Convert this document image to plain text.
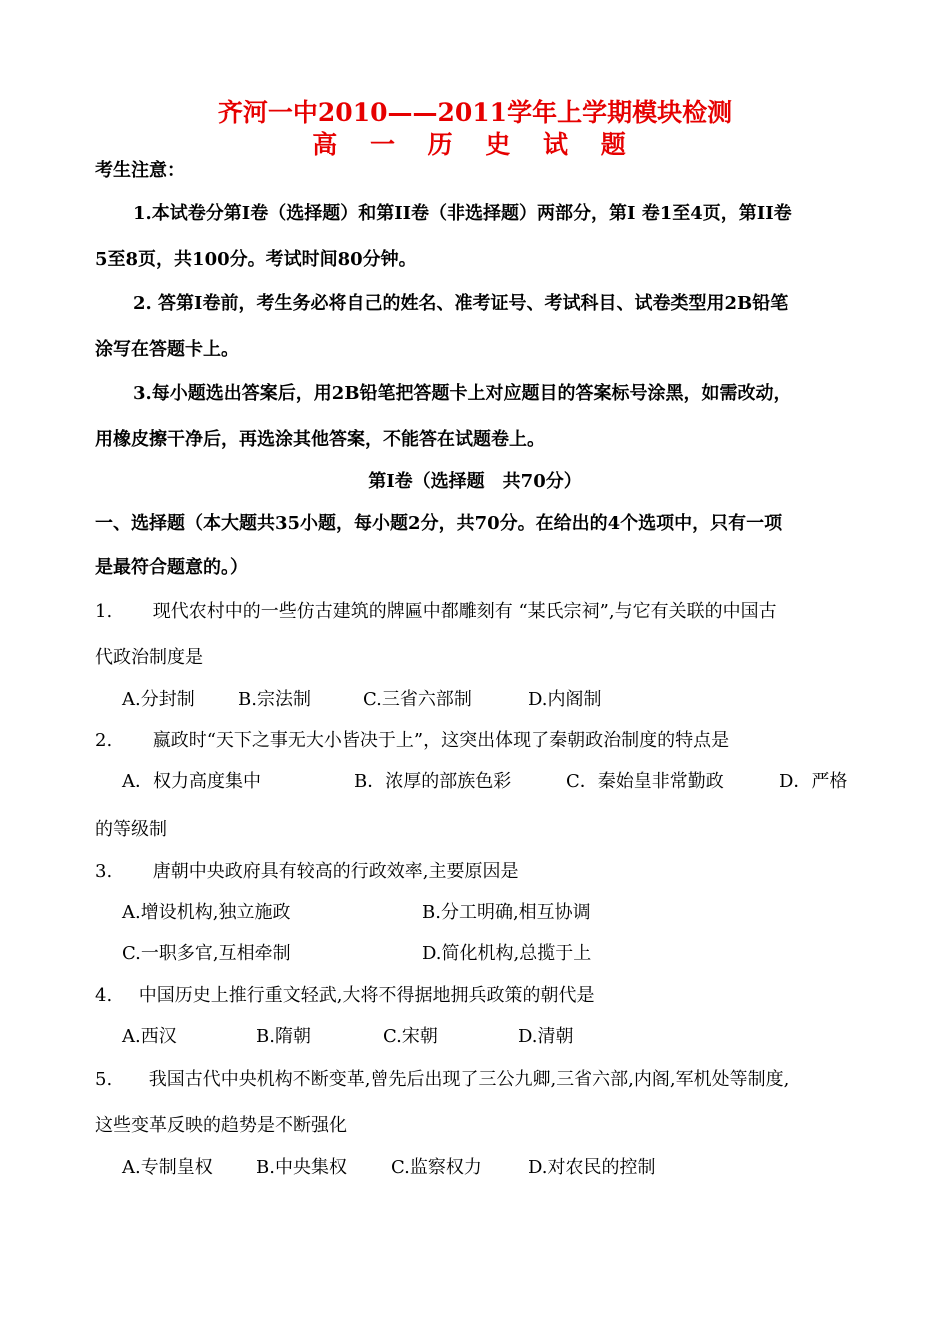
齐河一中2010——2011学年上学期模块检测
高 一 历 史 试 题
考生注意：
1.本试卷分第I卷（选择题）和第II卷（非选择题）两部分，第I 卷1至4页，第II卷
5至8页，共100分。考试时间80分钟。
2. 答第I卷前，考生务必将自己的姓名、准考证号、考试科目、试卷类型用2B铅笔
涂写在答题卡上。
3.每小题选出答案后，用2B铅笔把答题卡上对应题目的答案标号涂黑，如需改动，
用橡皮擦干净后，再选涂其他答案，不能答在试题卷上。
第I卷（选择题　共70分）
一、选择题（本大题共35小题，每小题2分，共70分。在给出的4个选项中，只有一项
是最符合题意的。）
1. 现代农村中的一些仿古建筑的牌匾中都雕刻有 “某氏宗祠”,与它有关联的中国古
代政治制度是
A.分封制 B.宗法制	C.三省六部制	D.内阁制
2. 嬴政时“天下之事无大小皆决于上”，这突出体现了秦朝政治制度的特点是
A．权力高度集中	B．浓厚的部族色彩	C．秦始皇非常勤政	D．严格
的等级制
3. 唐朝中央政府具有较高的行政效率,主要原因是
A.增设机构,独立施政	B.分工明确,相互协调
C.一职多官,互相牵制	D.简化机构,总揽于上
4. 中国历史上推行重文轻武,大将不得据地拥兵政策的朝代是
A.西汉	B.隋朝	C.宋朝	D.清朝
5. 我国古代中央机构不断变革,曾先后出现了三公九卿,三省六部,内阁,军机处等制度,
这些变革反映的趋势是不断强化
A.专制皇权 B.中央集权 C.监察权力	D.对农民的控制
